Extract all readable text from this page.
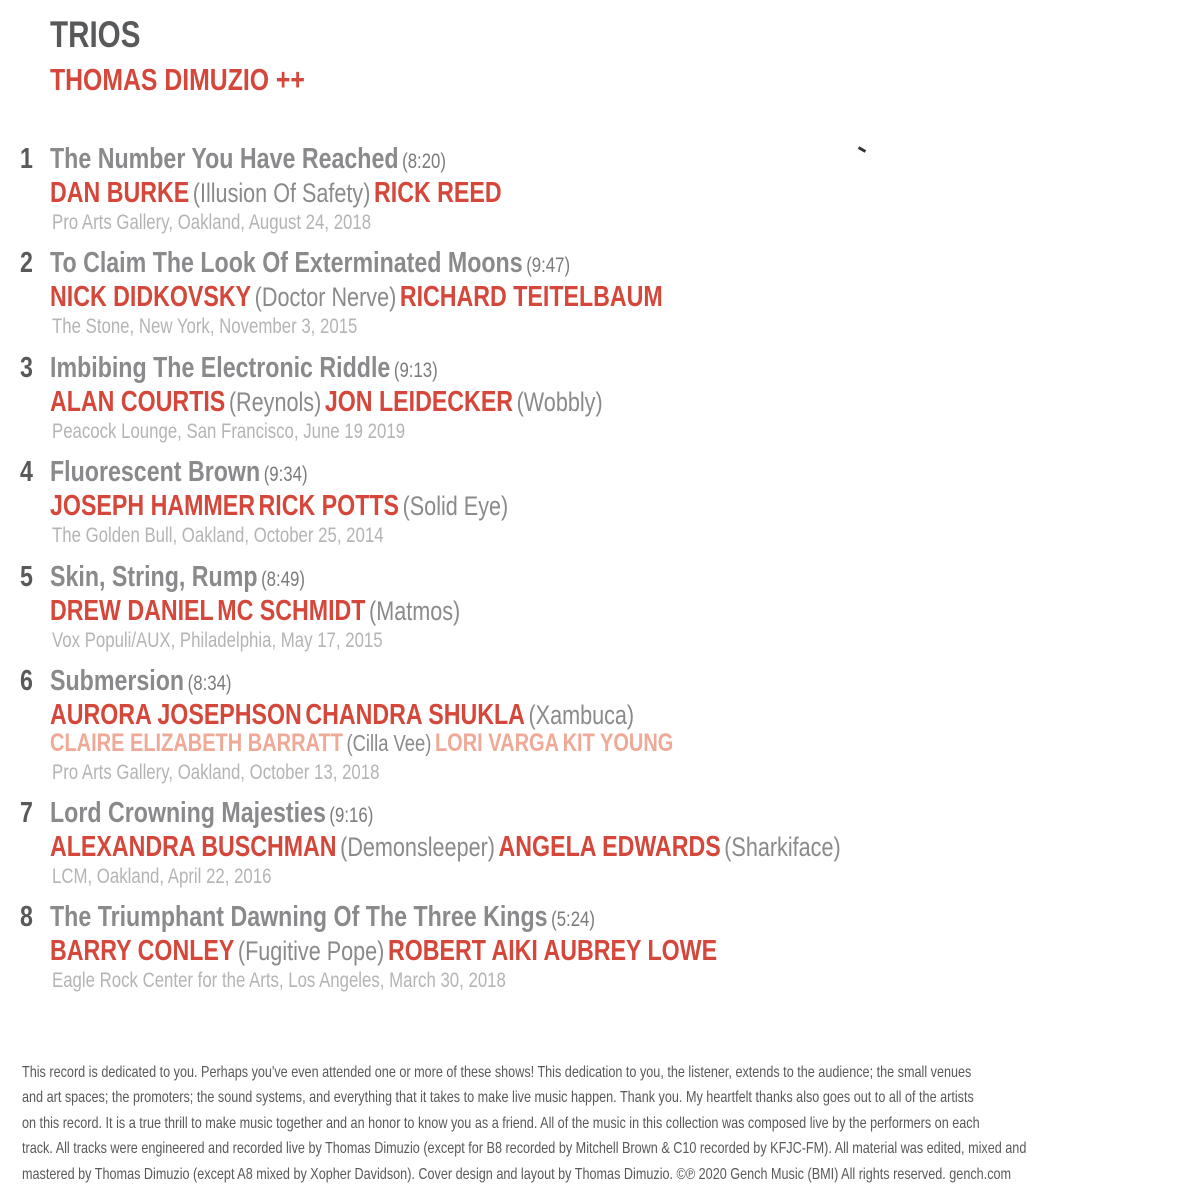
TRIOS
THOMAS DIMUZIO ++
1 The Number You Have Reached (8:20)
DAN BURKE (Illusion Of Safety) RICK REED
Pro Arts Gallery, Oakland, August 24, 2018
2 To Claim The Look Of Exterminated Moons (9:47)
NICK DIDKOVSKY (Doctor Nerve) RICHARD TEITELBAUM
The Stone, New York, November 3, 2015
3 Imbibing The Electronic Riddle (9:13)
ALAN COURTIS (Reynols) JON LEIDECKER (Wobbly)
Peacock Lounge, San Francisco, June 19 2019
4 Fluorescent Brown (9:34)
JOSEPH HAMMER RICK POTTS (Solid Eye)
The Golden Bull, Oakland, October 25, 2014
5 Skin, String, Rump (8:49)
DREW DANIEL MC SCHMIDT (Matmos)
Vox Populi/AUX, Philadelphia, May 17, 2015
6 Submersion (8:34)
AURORA JOSEPHSON CHANDRA SHUKLA (Xambuca)
CLAIRE ELIZABETH BARRATT (Cilla Vee) LORI VARGA KIT YOUNG
Pro Arts Gallery, Oakland, October 13, 2018
7 Lord Crowning Majesties (9:16)
ALEXANDRA BUSCHMAN (Demonsleeper) ANGELA EDWARDS (Sharkiface)
LCM, Oakland, April 22, 2016
8 The Triumphant Dawning Of The Three Kings (5:24)
BARRY CONLEY (Fugitive Pope) ROBERT AIKI AUBREY LOWE
Eagle Rock Center for the Arts, Los Angeles, March 30, 2018
This record is dedicated to you. Perhaps you've even attended one or more of these shows! This dedication to you, the listener, extends to the audience; the small venues
and art spaces; the promoters; the sound systems, and everything that it takes to make live music happen. Thank you. My heartfelt thanks also goes out to all of the artists
on this record. It is a true thrill to make music together and an honor to know you as a friend. All of the music in this collection was composed live by the performers on each
track. All tracks were engineered and recorded live by Thomas Dimuzio (except for B8 recorded by Mitchell Brown & C10 recorded by KFJC-FM). All material was edited, mixed and
mastered by Thomas Dimuzio (except A8 mixed by Xopher Davidson). Cover design and layout by Thomas Dimuzio. ©℗ 2020 Gench Music (BMI) All rights reserved. gench.com
